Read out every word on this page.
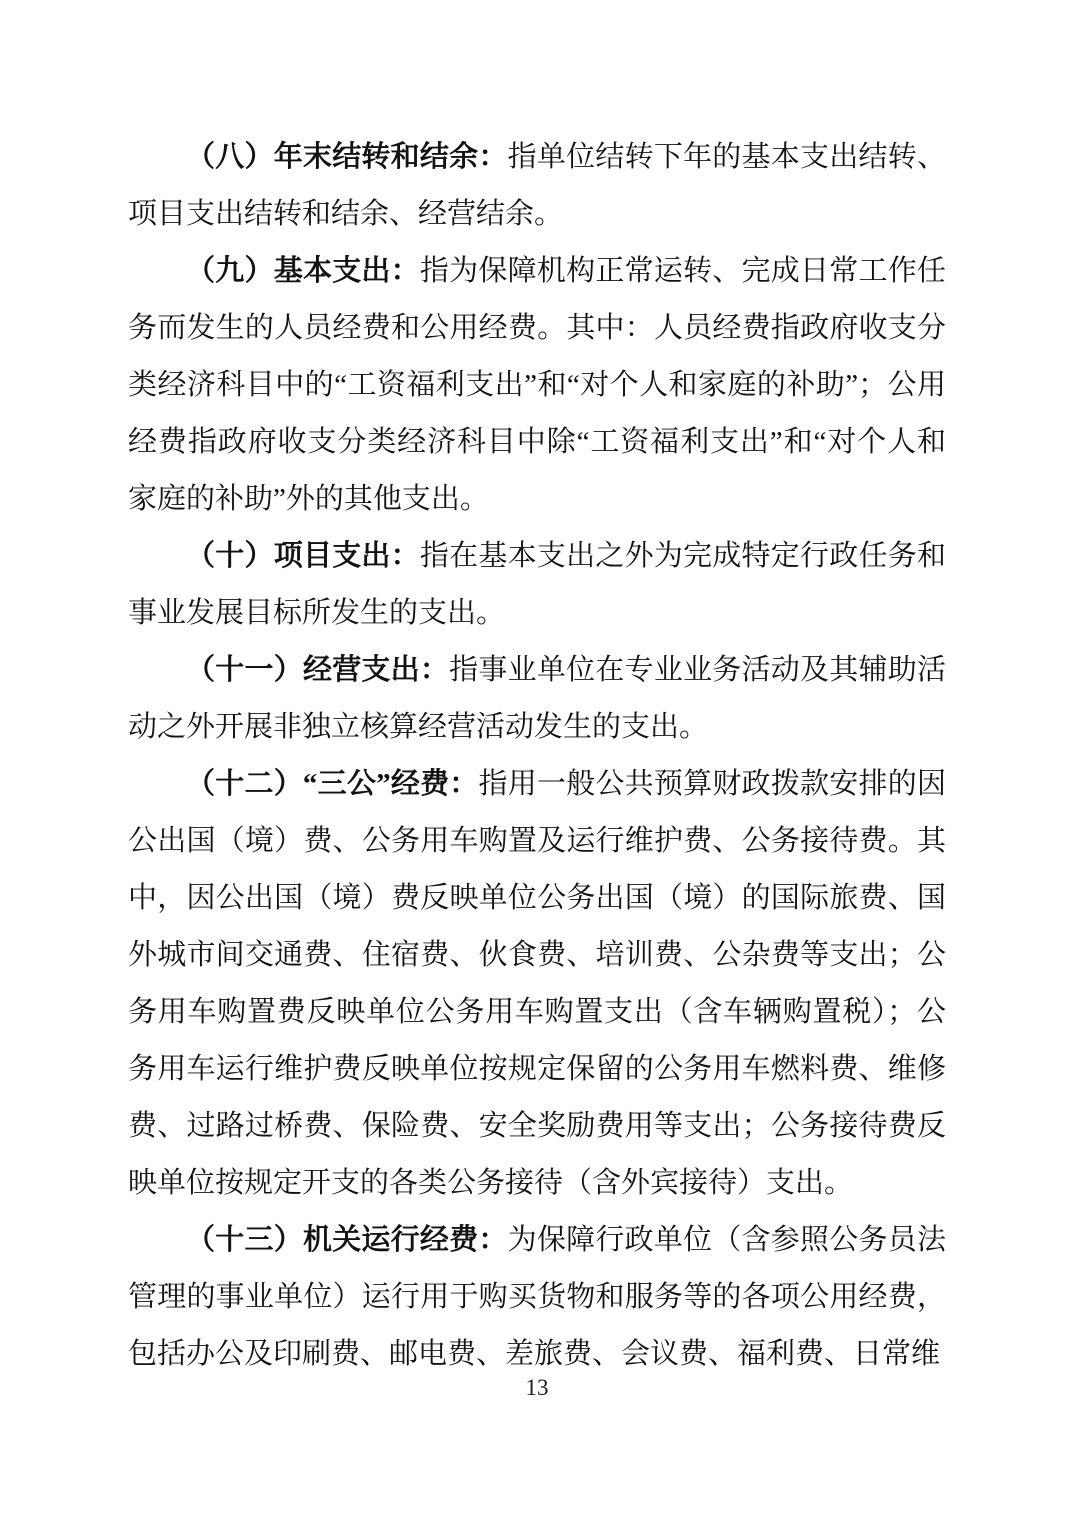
（八）年末结转和结余：指单位结转下年的基本支出结转、项目支出结转和结余、经营结余。

（九）基本支出：指为保障机构正常运转、完成日常工作任务而发生的人员经费和公用经费。其中：人员经费指政府收支分类经济科目中的“工资福利支出”和“对个人和家庭的补助”；公用经费指政府收支分类经济科目中除“工资福利支出”和“对个人和家庭的补助”外的其他支出。

（十）项目支出：指在基本支出之外为完成特定行政任务和事业发展目标所发生的支出。

（十一）经营支出：指事业单位在专业业务活动及其辅助活动之外开展非独立核算经营活动发生的支出。

（十二）“三公”经费：指用一般公共预算财政拨款安排的因公出国（境）费、公务用车购置及运行维护费、公务接待费。其中，因公出国（境）费反映单位公务出国（境）的国际旅费、国外城市间交通费、住宿费、伙食费、培训费、公杂费等支出；公务用车购置费反映单位公务用车购置支出（含车辆购置税）；公务用车运行维护费反映单位按规定保留的公务用车燃料费、维修费、过路过桥费、保险费、安全奖励费用等支出；公务接待费反映单位按规定开支的各类公务接待（含外宾接待）支出。

（十三）机关运行经费：为保障行政单位（含参照公务员法管理的事业单位）运行用于购买货物和服务等的各项公用经费，包括办公及印刷费、邮电费、差旅费、会议费、福利费、日常维

13
